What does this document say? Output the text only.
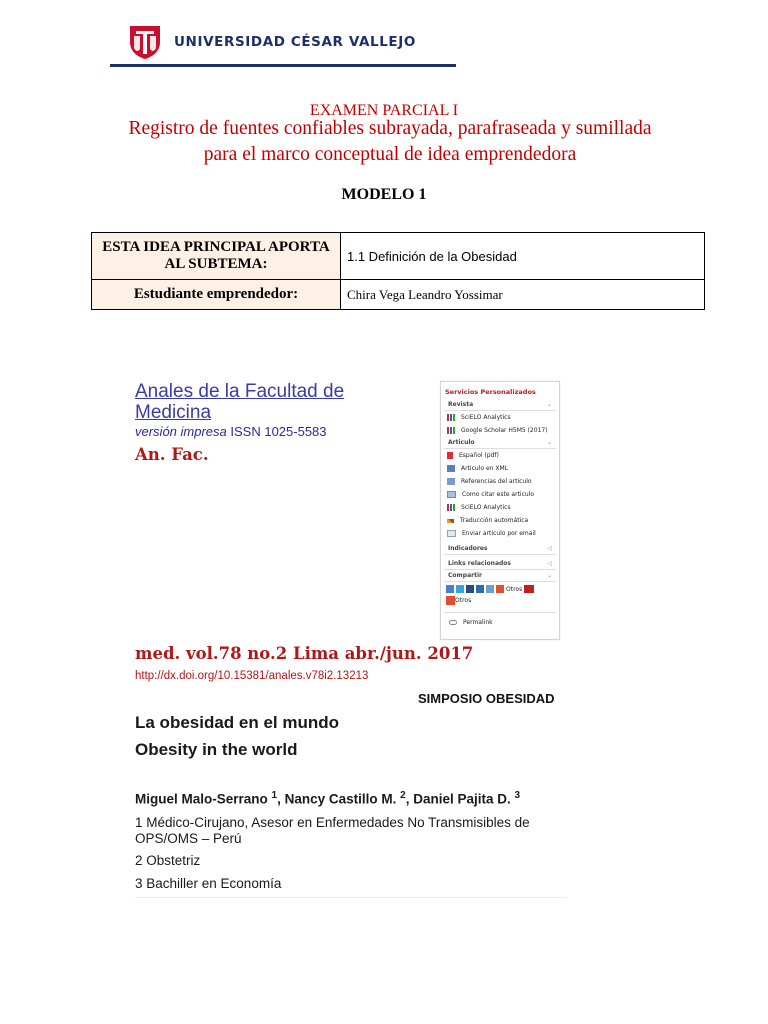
UNIVERSIDAD CÉSAR VALLEJO
EXAMEN PARCIAL I
Registro de fuentes confiables subrayada, parafraseada y sumillada para el marco conceptual de idea emprendedora
MODELO 1
ESTA IDEA PRINCIPAL APORTA AL SUBTEMA:	1.1 Definición de la Obesidad
Estudiante emprendedor:	Chira Vega Leandro Yossimar
Anales de la Facultad de Medicina
versión impresa ISSN 1025-5583
An. Fac.
Servicios Personalizados
Revista	⌄
SciELO Analytics
Google Scholar H5M5 (2017)
Articulo	⌄
Español (pdf)
Articulo en XML
Referencias del articulo
Como citar este articulo
SciELO Analytics
Traducción automática
Enviar articulo por email
Indicadores	◁
Links relacionados	◁
Compartir	⌄
Otros
Otros
Permalink
med. vol.78 no.2 Lima abr./jun. 2017
http://dx.doi.org/10.15381/anales.v78i2.13213
SIMPOSIO OBESIDAD
La obesidad en el mundo
Obesity in the world
Miguel Malo-Serrano $^1$, Nancy Castillo M. $^2$, Daniel Pajita D. $^3$
1 Médico-Cirujano, Asesor en Enfermedades No Transmisibles de OPS/OMS – Perú
2 Obstetriz
3 Bachiller en Economía
